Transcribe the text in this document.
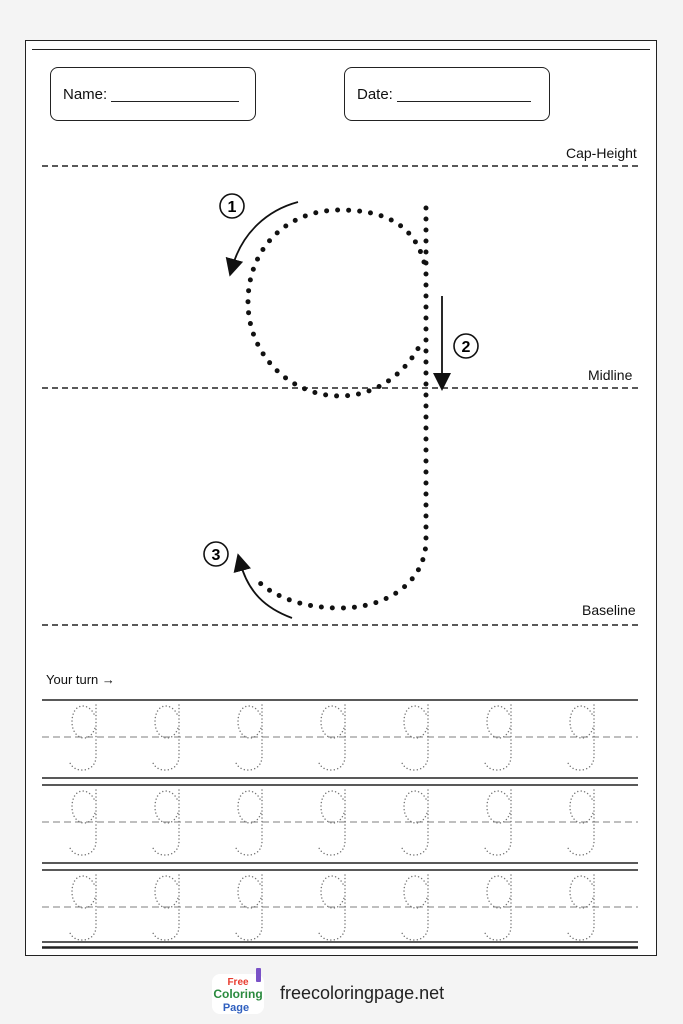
Name:	Date:
Cap-Height
Midline
Baseline
Your turn →
1
2
3
Free
Coloring
Page
freecoloringpage.net
